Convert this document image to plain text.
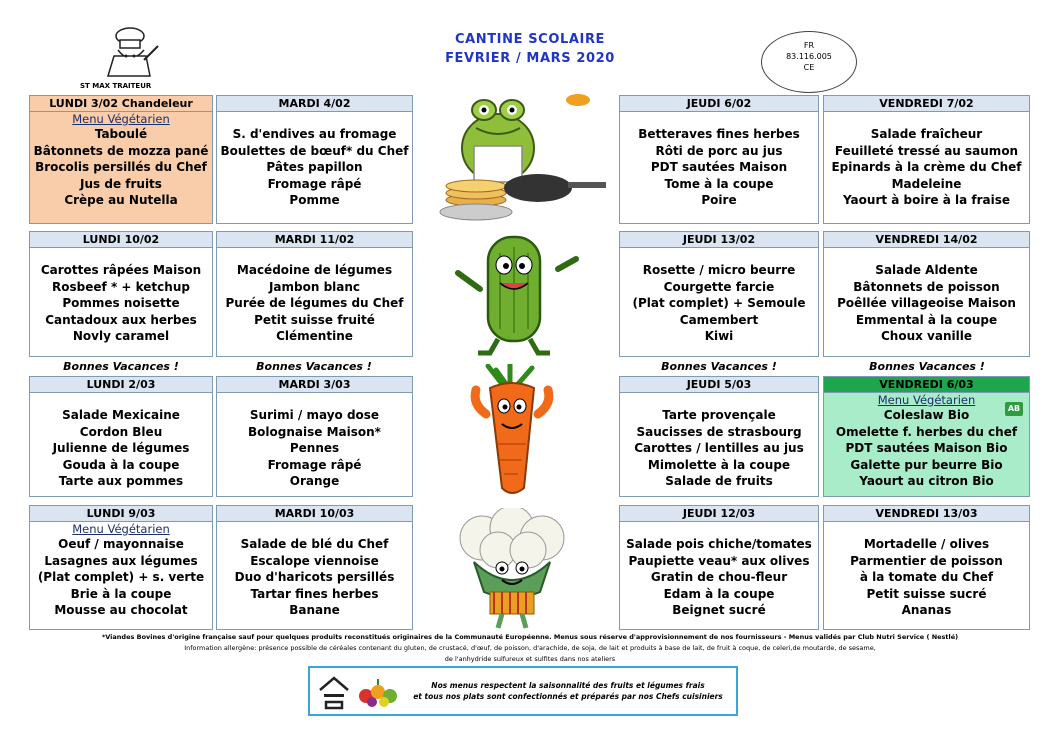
ST MAX TRAITEUR
CANTINE SCOLAIRE
FEVRIER / MARS 2020
FR
83.116.005
CE
LUNDI 3/02 Chandeleur
Menu Végétarien
Taboulé
Bâtonnets de mozza pané
Brocolis persillés du Chef
Jus de fruits
Crèpe au Nutella
MARDI 4/02
S. d'endives au fromage
Boulettes de bœuf* du Chef
Pâtes papillon
Fromage râpé
Pomme
JEUDI 6/02
Betteraves fines herbes
Rôti de porc au jus
PDT sautées Maison
Tome à la coupe
Poire
VENDREDI 7/02
Salade fraîcheur
Feuilleté tressé au saumon
Epinards à la crème du Chef
Madeleine
Yaourt à boire à la fraise
LUNDI 10/02
Carottes râpées Maison
Rosbeef * + ketchup
Pommes noisette
Cantadoux aux herbes
Novly caramel
MARDI 11/02
Macédoine de légumes
Jambon blanc
Purée de légumes du Chef
Petit suisse fruité
Clémentine
JEUDI 13/02
Rosette / micro beurre
Courgette farcie
(Plat complet) + Semoule
Camembert
Kiwi
VENDREDI 14/02
Salade Aldente
Bâtonnets de poisson
Poêllée villageoise Maison
Emmental à la coupe
Choux vanille
Bonnes Vacances !	Bonnes Vacances !	Bonnes Vacances !	Bonnes Vacances !
LUNDI 2/03
Salade Mexicaine
Cordon Bleu
Julienne de légumes
Gouda à la coupe
Tarte aux pommes
MARDI 3/03
Surimi / mayo dose
Bolognaise Maison*
Pennes
Fromage râpé
Orange
JEUDI 5/03
Tarte provençale
Saucisses de strasbourg
Carottes / lentilles au jus
Mimolette à la coupe
Salade de fruits
VENDREDI 6/03
Menu Végétarien
AB
Coleslaw Bio
Omelette f. herbes du chef
PDT sautées Maison Bio
Galette pur beurre Bio
Yaourt au citron Bio
LUNDI 9/03
Menu Végétarien
Oeuf / mayonnaise
Lasagnes aux légumes
(Plat complet) + s. verte
Brie à la coupe
Mousse au chocolat
MARDI 10/03
Salade de blé du Chef
Escalope viennoise
Duo d'haricots persillés
Tartar fines herbes
Banane
JEUDI 12/03
Salade pois chiche/tomates
Paupiette veau* aux olives
Gratin de chou-fleur
Edam à la coupe
Beignet sucré
VENDREDI 13/03
Mortadelle / olives
Parmentier de poisson
à la tomate du Chef
Petit suisse sucré
Ananas
*Viandes Bovines d'origine française sauf pour quelques produits reconstitués originaires de la Communauté Européenne. Menus sous réserve d'approvisionnement de nos fournisseurs - Menus validés par Club Nutri Service ( Nestlé)
Information allergène: présence possible de céréales contenant du gluten, de crustacé, d'œuf, de poisson, d'arachide, de soja, de lait et produits à base de lait, de fruit à coque, de celeri,de moutarde, de sesame,
de l'anhydride sulfureux et sulfites dans nos ateliers
Nos menus respectent la saisonnalité des fruits et légumes frais
et tous nos plats sont confectionnés et préparés par nos Chefs cuisiniers
